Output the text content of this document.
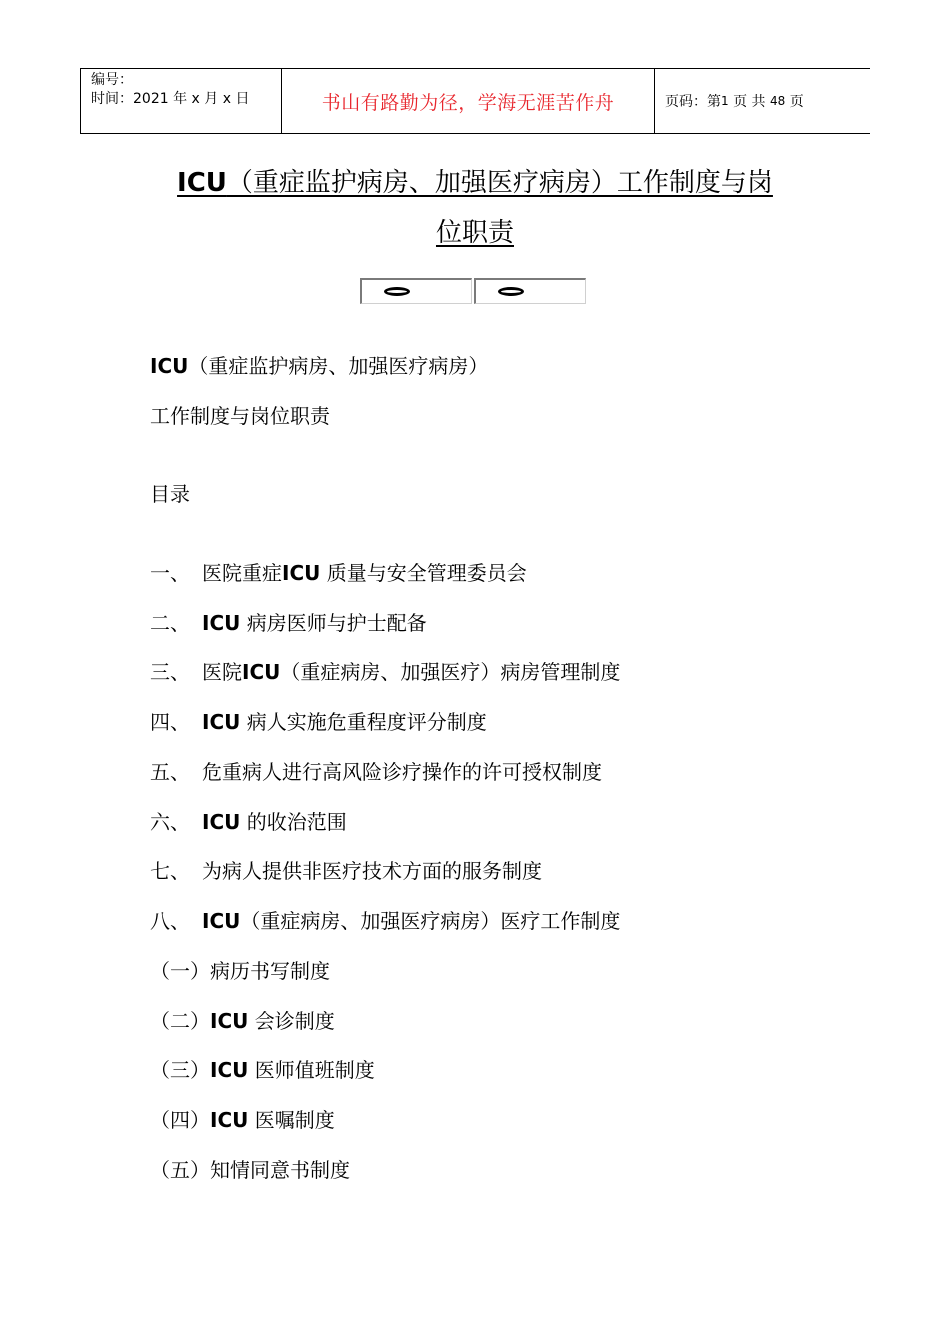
编号：
时间：2021 年 x 月 x 日	书山有路勤为径，学海无涯苦作舟	页码：第 1
页 共
48
页
ICU（重症监护病房、加强医疗病房）工作制度与岗
位职责
ICU（重症监护病房、加强医疗病房）
工作制度与岗位职责
目录
一、 医院重症ICU 质量与安全管理委员会
二、 ICU 病房医师与护士配备
三、 医院ICU（重症病房、加强医疗）病房管理制度
四、 ICU 病人实施危重程度评分制度
五、 危重病人进行高风险诊疗操作的许可授权制度
六、 ICU 的收治范围
七、 为病人提供非医疗技术方面的服务制度
八、 ICU（重症病房、加强医疗病房）医疗工作制度
（一）病历书写制度
（二）ICU 会诊制度
（三）ICU 医师值班制度
（四）ICU 医嘱制度
（五）知情同意书制度
